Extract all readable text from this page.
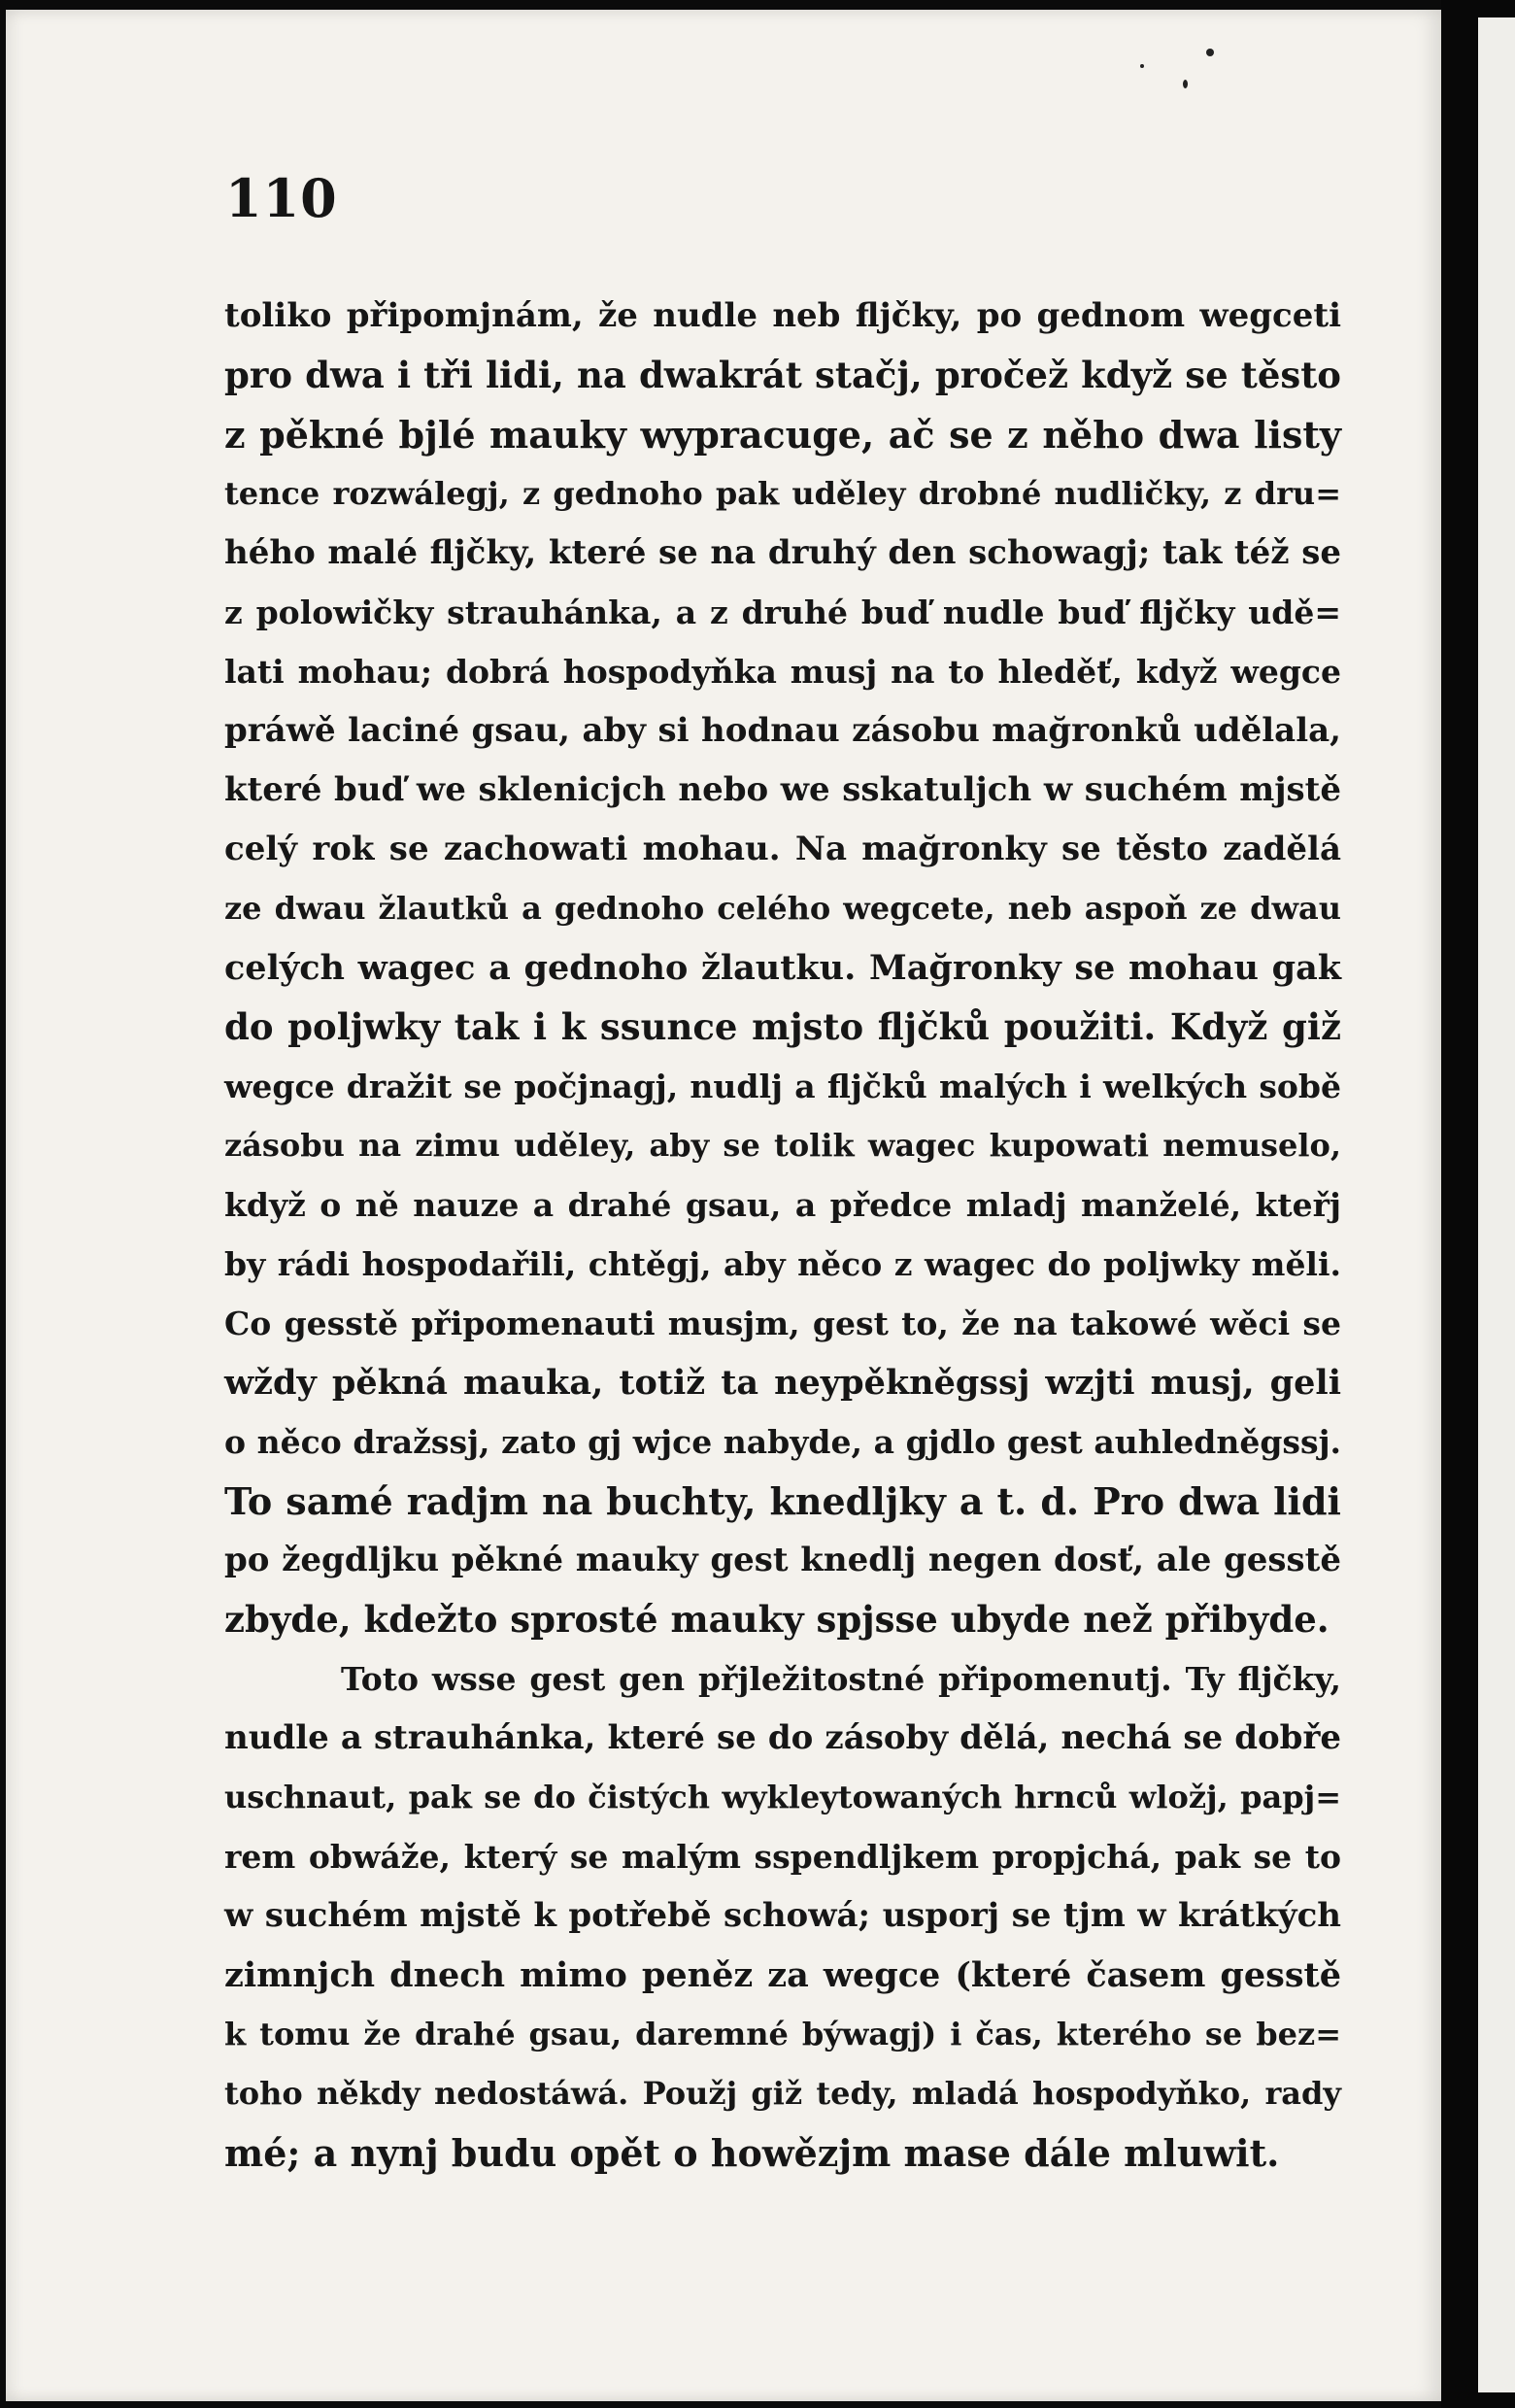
110
toliko připomjnám, že nudle neb fljčky, po gednom wegceti
pro dwa i tři lidi, na dwakrát stačj, pročež když se těsto
z pěkné bjlé mauky wypracuge, ač se z něho dwa listy
tence rozwálegj, z gednoho pak uděley drobné nudličky, z dru=
hého malé fljčky, které se na druhý den schowagj; tak též se
z polowičky strauhánka, a z druhé buď nudle buď fljčky udě=
lati mohau; dobrá hospodyňka musj na to hleděť, když wegce
práwě laciné gsau, aby si hodnau zásobu mağronků udělala,
které buď we sklenicjch nebo we sskatuljch w suchém mjstě
celý rok se zachowati mohau. Na mağronky se těsto zadělá
ze dwau žlautků a gednoho celého wegcete, neb aspoň ze dwau
celých wagec a gednoho žlautku. Mağronky se mohau gak
do poljwky tak i k ssunce mjsto fljčků použiti. Když giž
wegce dražit se počjnagj, nudlj a fljčků malých i welkých sobě
zásobu na zimu uděley, aby se tolik wagec kupowati nemuselo,
když o ně nauze a drahé gsau, a předce mladj manželé, kteřj
by rádi hospodařili, chtěgj, aby něco z wagec do poljwky měli.
Co gesstě připomenauti musjm, gest to, že na takowé wěci se
wždy pěkná mauka, totiž ta neypěkněgssj wzjti musj, geli
o něco dražssj, zato gj wjce nabyde, a gjdlo gest auhledněgssj.
To samé radjm na buchty, knedljky a t. d. Pro dwa lidi
po žegdljku pěkné mauky gest knedlj negen dosť, ale gesstě
zbyde, kdežto sprosté mauky spjsse ubyde než přibyde.
Toto wsse gest gen přjležitostné připomenutj. Ty fljčky,
nudle a strauhánka, které se do zásoby dělá, nechá se dobře
uschnaut, pak se do čistých wykleytowaných hrnců wložj, papj=
rem obwáže, který se malým sspendljkem propjchá, pak se to
w suchém mjstě k potřebě schowá; usporj se tjm w krátkých
zimnjch dnech mimo peněz za wegce (které časem gesstě
k tomu že drahé gsau, daremné býwagj) i čas, kterého se bez=
toho někdy nedostáwá. Použj giž tedy, mladá hospodyňko, rady
mé; a nynj budu opět o howězjm mase dále mluwit.
